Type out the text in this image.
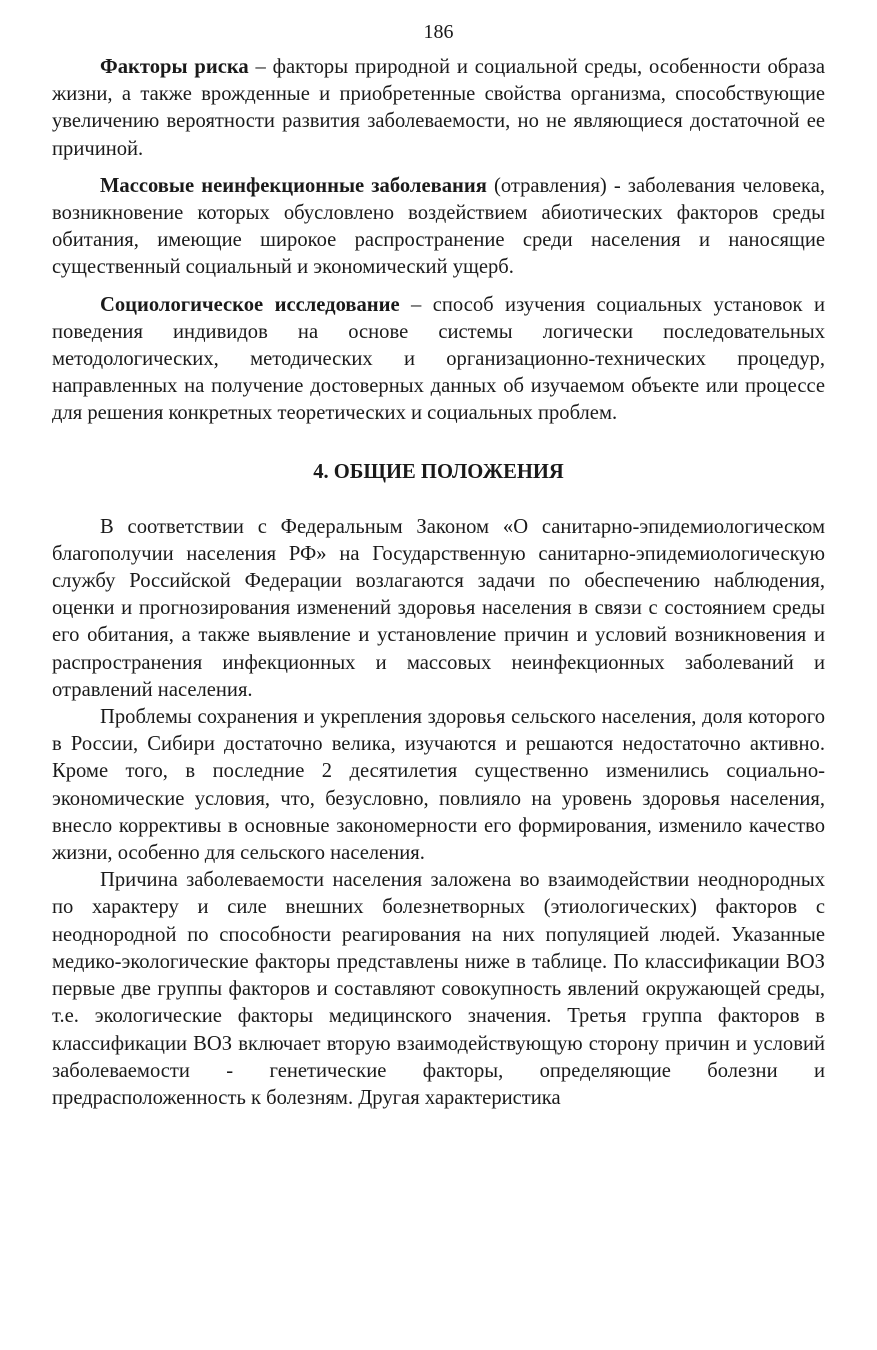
186

Факторы риска – факторы природной и социальной среды, особенности образа жизни, а также врожденные и приобретенные свойства организма, способствующие увеличению вероятности развития заболеваемости, но не являющиеся достаточной ее причиной.

Массовые неинфекционные заболевания (отравления) - заболевания человека, возникновение которых обусловлено воздействием абиотических факторов среды обитания, имеющие широкое распространение среди населения и наносящие существенный социальный и экономический ущерб.

Социологическое исследование – способ изучения социальных установок и поведения индивидов на основе системы логически последовательных методологических, методических и организационно-технических процедур, направленных на получение достоверных данных об изучаемом объекте или процессе для решения конкретных теоретических и социальных проблем.

4. ОБЩИЕ ПОЛОЖЕНИЯ

В соответствии с Федеральным Законом «О санитарно-эпидемиологическом благополучии населения РФ» на Государственную санитарно-эпидемиологическую службу Российской Федерации возлагаются задачи по обеспечению наблюдения, оценки и прогнозирования изменений здоровья населения в связи с состоянием среды его обитания, а также выявление и установление причин и условий возникновения и распространения инфекционных и массовых неинфекционных заболеваний и отравлений населения.

Проблемы сохранения и укрепления здоровья сельского населения, доля которого в России, Сибири достаточно велика, изучаются и решаются недостаточно активно. Кроме того, в последние 2 десятилетия существенно изменились социально-экономические условия, что, безусловно, повлияло на уровень здоровья населения, внесло коррективы в основные закономерности его формирования, изменило качество жизни, особенно для сельского населения.

Причина заболеваемости населения заложена во взаимодействии неоднородных по характеру и силе внешних болезнетворных (этиологических) факторов с неоднородной по способности реагирования на них популяцией людей. Указанные медико-экологические факторы представлены ниже в таблице. По классификации ВОЗ первые две группы факторов и составляют совокупность явлений окружающей среды, т.е. экологические факторы медицинского значения. Третья группа факторов в классификации ВОЗ включает вторую взаимодействующую сторону причин и условий заболеваемости - генетические факторы, определяющие болезни и предрасположенность к болезням. Другая характеристика
